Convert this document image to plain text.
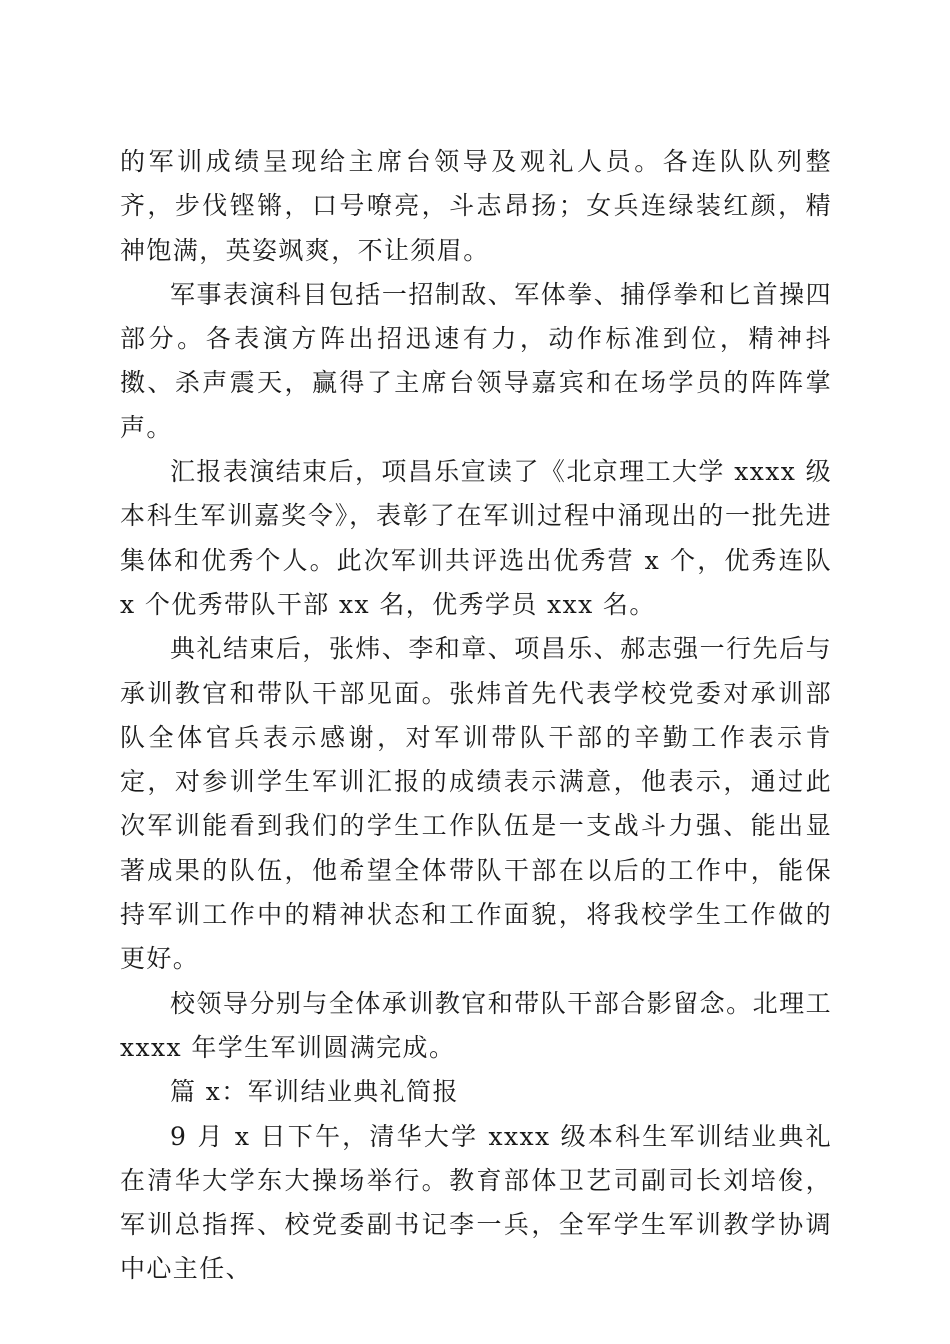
的军训成绩呈现给主席台领导及观礼人员。各连队队列整齐，步伐铿锵，口号嘹亮，斗志昂扬；女兵连绿装红颜，精神饱满，英姿飒爽，不让须眉。

军事表演科目包括一招制敌、军体拳、捕俘拳和匕首操四部分。各表演方阵出招迅速有力，动作标准到位，精神抖擞、杀声震天，赢得了主席台领导嘉宾和在场学员的阵阵掌声。

汇报表演结束后，项昌乐宣读了《北京理工大学 xxxx 级本科生军训嘉奖令》，表彰了在军训过程中涌现出的一批先进集体和优秀个人。此次军训共评选出优秀营 x 个，优秀连队 x 个优秀带队干部 xx 名，优秀学员 xxx 名。

典礼结束后，张炜、李和章、项昌乐、郝志强一行先后与承训教官和带队干部见面。张炜首先代表学校党委对承训部队全体官兵表示感谢，对军训带队干部的辛勤工作表示肯定，对参训学生军训汇报的成绩表示满意，他表示，通过此次军训能看到我们的学生工作队伍是一支战斗力强、能出显著成果的队伍，他希望全体带队干部在以后的工作中，能保持军训工作中的精神状态和工作面貌，将我校学生工作做的更好。

校领导分别与全体承训教官和带队干部合影留念。北理工 xxxx 年学生军训圆满完成。

篇 x：军训结业典礼简报

9 月 x 日下午，清华大学 xxxx 级本科生军训结业典礼在清华大学东大操场举行。教育部体卫艺司副司长刘培俊，军训总指挥、校党委副书记李一兵，全军学生军训教学协调中心主任、
